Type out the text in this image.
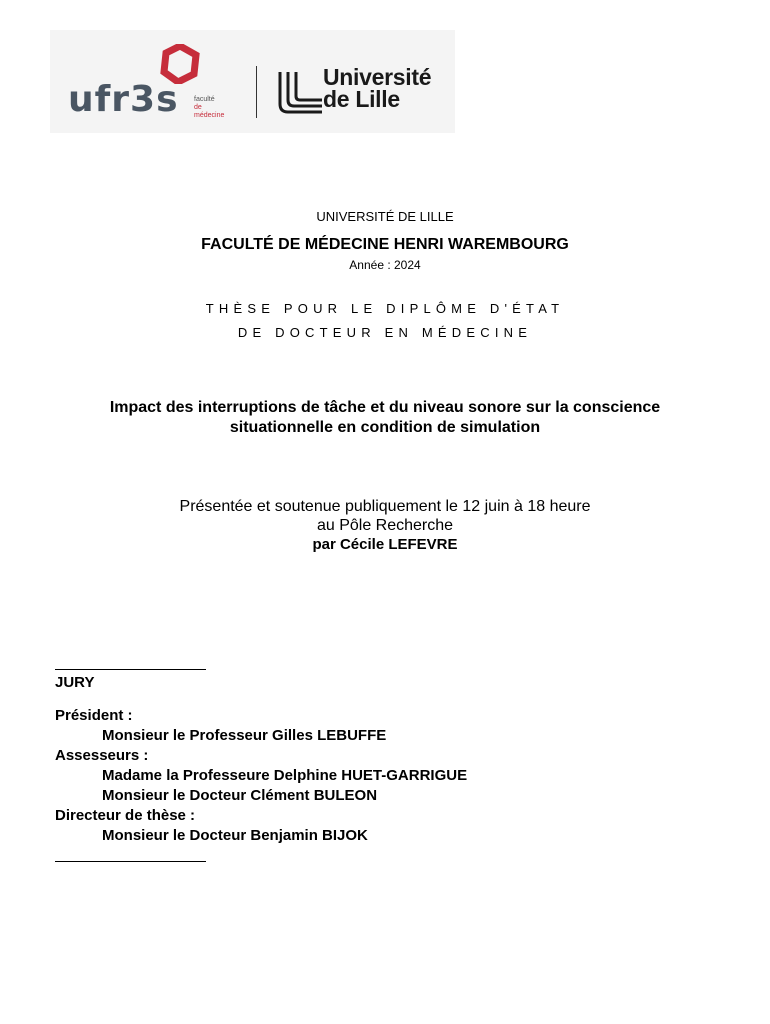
ufr3s faculté
de médecine
Université
de Lille
UNIVERSITÉ DE LILLE
FACULTÉ DE MÉDECINE HENRI WAREMBOURG
Année : 2024
THÈSE POUR LE DIPLÔME D'ÉTAT
DE DOCTEUR EN MÉDECINE
Impact des interruptions de tâche et du niveau sonore sur la conscience
situationnelle en condition de simulation
Présentée et soutenue publiquement le 12 juin à 18 heure
au Pôle Recherche
par Cécile LEFEVRE
JURY
Président :
Monsieur le Professeur Gilles LEBUFFE
Assesseurs :
Madame la Professeure Delphine HUET-GARRIGUE
Monsieur le Docteur Clément BULEON
Directeur de thèse :
Monsieur le Docteur Benjamin BIJOK
